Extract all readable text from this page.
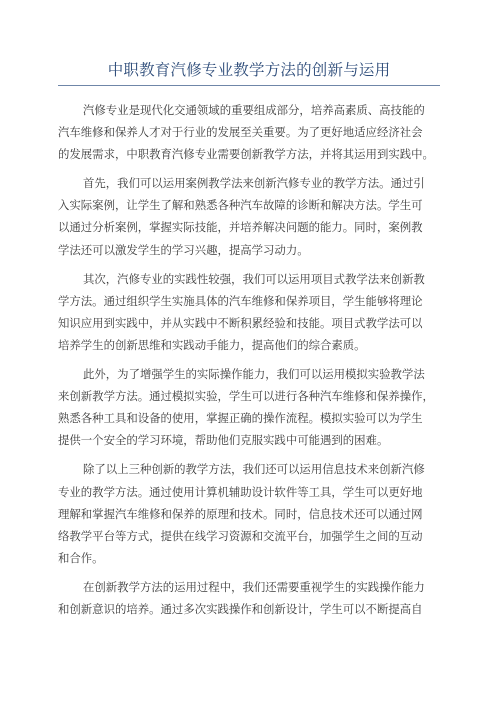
中职教育汽修专业教学方法的创新与运用

汽修专业是现代化交通领域的重要组成部分，培养高素质、高技能的
汽车维修和保养人才对于行业的发展至关重要。为了更好地适应经济社会
的发展需求，中职教育汽修专业需要创新教学方法，并将其运用到实践中。

首先，我们可以运用案例教学法来创新汽修专业的教学方法。通过引
入实际案例，让学生了解和熟悉各种汽车故障的诊断和解决方法。学生可
以通过分析案例，掌握实际技能，并培养解决问题的能力。同时，案例教
学法还可以激发学生的学习兴趣，提高学习动力。

其次，汽修专业的实践性较强，我们可以运用项目式教学法来创新教
学方法。通过组织学生实施具体的汽车维修和保养项目，学生能够将理论
知识应用到实践中，并从实践中不断积累经验和技能。项目式教学法可以
培养学生的创新思维和实践动手能力，提高他们的综合素质。

此外，为了增强学生的实际操作能力，我们可以运用模拟实验教学法
来创新教学方法。通过模拟实验，学生可以进行各种汽车维修和保养操作，
熟悉各种工具和设备的使用，掌握正确的操作流程。模拟实验可以为学生
提供一个安全的学习环境，帮助他们克服实践中可能遇到的困难。

除了以上三种创新的教学方法，我们还可以运用信息技术来创新汽修
专业的教学方法。通过使用计算机辅助设计软件等工具，学生可以更好地
理解和掌握汽车维修和保养的原理和技术。同时，信息技术还可以通过网
络教学平台等方式，提供在线学习资源和交流平台，加强学生之间的互动
和合作。

在创新教学方法的运用过程中，我们还需要重视学生的实践操作能力
和创新意识的培养。通过多次实践操作和创新设计，学生可以不断提高自
